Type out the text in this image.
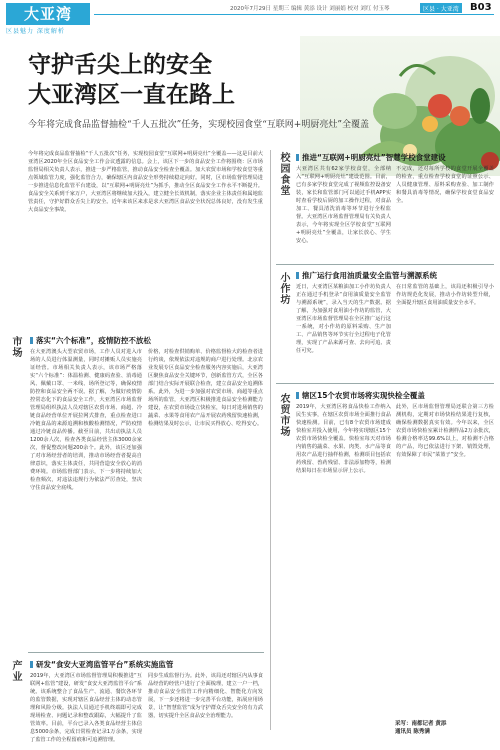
大亚湾
区县魅力 深度解析
2020年7月29日 星期三 编辑 黄添 设计 刘丽娟 校对 刘红 付玉琴	区县 · 大亚湾	B03
守护舌尖上的安全
大亚湾区一直在路上
今年将完成食品监督抽检“千人五批次”任务，实现校园食堂“互联网+明厨亮灶”全覆盖
今年将完成食品监督抽检“千人五批次”任务，实现校园食堂“互联网+明厨亮灶”全覆盖——这是目前大亚湾区2020年全区食品安全工作会议透露的信息。会上，该区下一步的食品安全工作将围绕：区市场监督局相关负责人表示，推进一步严格监管，推动食品安全检查全覆盖。加大农贸市场和学校食堂等重点领域监管力度，强化监管合力，确保辖区内食品安全形势持续稳定向好。同时，区市场监督管理局进一步推进信息化监管平台建设，以“互联网+明厨亮灶”为抓手，推动全区食品安全工作水平不断提升。食品安全关系到千家万户，大亚湾区将继续加大投入，建立健全长效机制，落实企业主体责任和属地监管责任，守护好群众舌尖上的安全。近年来该区来求是求大亚湾区食品安全状况总体良好，没有发生重大食品安全事故。
市场	落实“六个标准”，疫情防控不放松
在大亚湾澳头大型农贸市场，工作人员对进入市场的人员进行体温测量，同时对摊贩人员实施亮证经营。市场相关负责人表示，该市场严格落实“六个标准”：体温检测、健康码查验、消毒通风、佩戴口罩、一米线、场所登记等，确保疫情防控和食品安全两不误。据了解，为做好疫情防控常态化下的食品安全工作，大亚湾区市场监督管理局组织执法人员对辖区农贸市场、商超、冷链食品经营单位开展拉网式排查，重点检查进口冷链食品的来源追溯和核酸检测情况，严防疫情通过冷链食品传播。截至目前，共出动执法人员1200余人次，检查各类食品经营主体3000余家次，督促整改问题200余个。此外，该区还加强了对市场经营者的培训，推动市场经营者提高自律意识，落实主体责任，共同营造安全放心的消费环境。市场监督部门表示，下一步将持续加大检查频次，对违法违规行为依法严厉查处，坚决守住食品安全底线。
价格，对检查供销购单、价格监督检大的检查者进行约谈，依规依法对违规的商户进行处理。北京农业发展专区食品安全检查服务内容实施后，大亚湾区聚焦食品安全关键环节，创新监管方式，全区各部门结合实际开展联合检查，建立食品安全追溯体系。此外，为进一步加强对农贸市场、商超等重点场所的监管，大亚湾区积极推进食品安全检测能力建设，在农贸市场设立快检室，每日对进场销售的蔬菜、水果等食用农产品开展农药残留快速检测，检测结果及时公示，让市民买得放心、吃得安心。
产业	研发“食安大亚湾监管平台”系统实施监管
2019年，大亚湾区市场监督管理局积极推进“互联网+监管”建设，研发“食安大亚湾监管平台”系统。该系统整合了食品生产、流通、餐饮各环节的监管数据，实现对辖区食品经营主体的动态管理和风险分级。执法人员通过手机终端即可完成现场检查、问题记录和整改跟踪，大幅提升了监管效率。目前，平台已录入各类食品经营主体信息5000余条，完成日常检查记录1万余条，实现了监管工作的全程留痕和可追溯管理。
同步生成监督行为。此外，该局还对辖区内从事食品经营的经营户进行了全面梳理，建立一户一档，推动食品安全监管工作向精细化、智能化方向发展，下一步还将进一步完善平台功能，拓展应用场景，让“智慧监管”成为守护群众舌尖安全的有力武器，切实提升全区食品安全治理能力。
校园食堂	推进“互联网+明厨亮灶”智慧学校食堂建设
大亚湾区共有62家学校食堂，全部纳入“互联网+明厨亮灶”建设范围。目前，已有多家学校食堂完成了视频监控设备安装，家长和监管部门可以通过手机APP实时查看学校后厨的加工操作过程，对食品加工、餐具清洗消毒等环节进行全程监督。大亚湾区市场监督管理局有关负责人表示，今年将实现全区学校食堂“互联网+明厨亮灶”全覆盖，让家长放心、学生安心。
不完成，还对每所学校的食堂开展全覆盖的检查，重点检查学校食堂的证照公示、人员健康管理、原料采购查验、加工制作和餐具消毒等情况，确保学校食堂食品安全。
小作坊	推广运行食用油质量安全监管与溯源系统
近日，大亚湾区某粮油加工小作坊负责人正在通过手机登录“食用油质量安全监管与溯源系统”，录入当天的生产数据。据了解，为加强对食用油小作坊的监管，大亚湾区市场监督管理局在全区推广运行这一系统，对小作坊的原料采购、生产加工、产品销售等环节实行全过程电子化管理，实现了产品来源可查、去向可追、责任可究。
在日常监管的基础上，该局还积极引导小作坊规范化发展，推动小作坊转型升级，全面提升辖区食用油质量安全水平。
农贸市场	辖区15个农贸市场将实现快检全覆盖
2019年，大亚湾区将食品快检工作纳入民生实事，在辖区农贸市场全面推行食品快速检测。目前，已有8个农贸市场建成快检室并投入使用，今年将实现辖区15个农贸市场快检全覆盖。快检室每天对市场内销售的蔬菜、水果、肉类、水产品等食用农产品进行抽样检测，检测项目包括农药残留、兽药残留、非法添加物等，检测结果每日在市场显示屏上公示。
此外，区市场监督管理局还联合第三方检测机构，定期对市场快检结果进行复核，确保检测数据真实有效。今年以来，全区农贸市场快检室累计检测样品2万余批次，检测合格率达99.6%以上，对检测不合格的产品，均已依法进行下架、销毁处理，有效保障了市民“菜篮子”安全。
采写：南都记者 黄添
通讯员 陈秀满
